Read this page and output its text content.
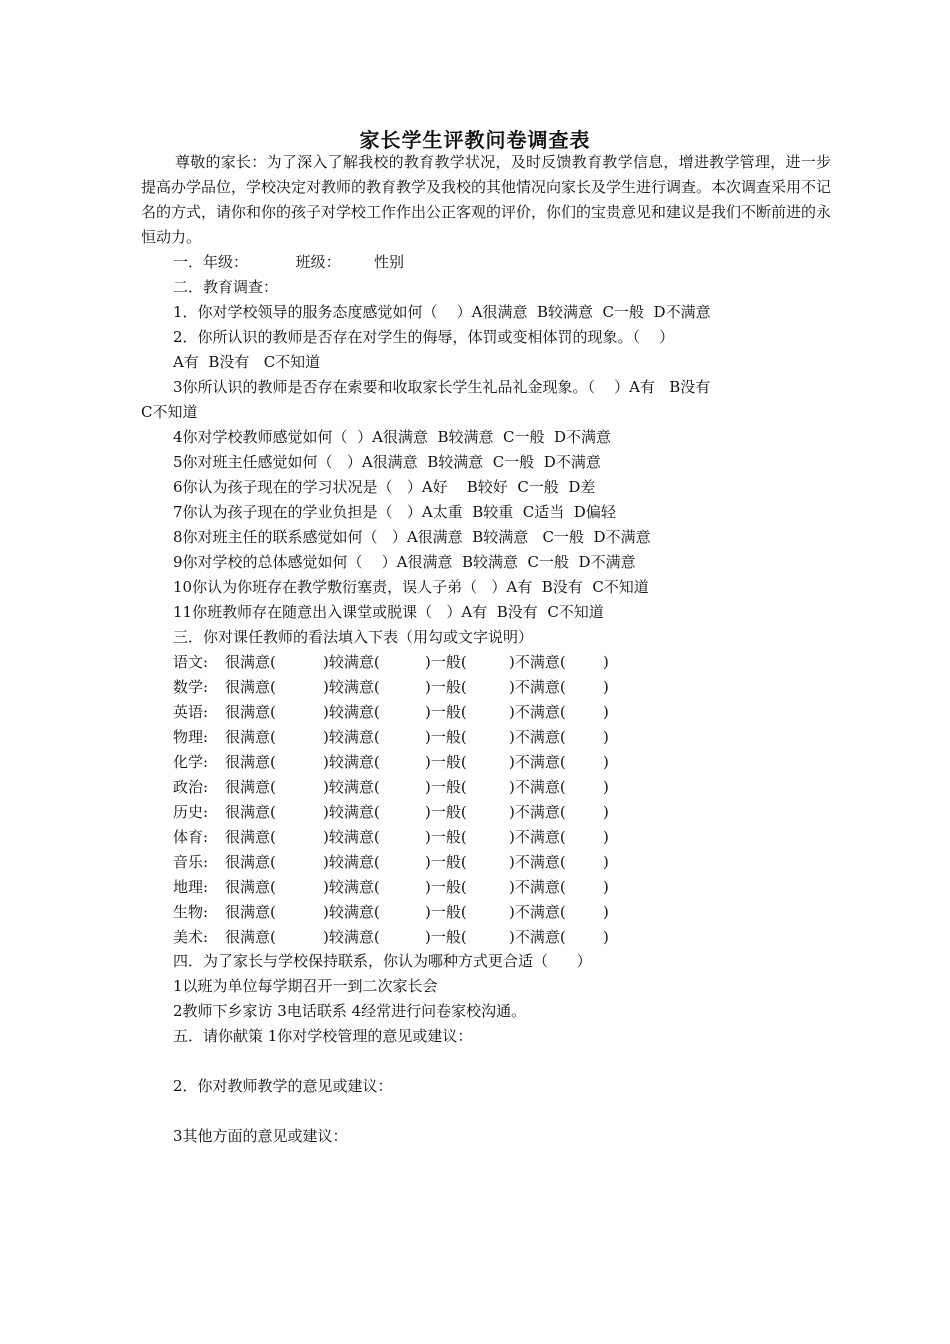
家长学生评教问卷调查表
尊敬的家长：为了深入了解我校的教育教学状况，及时反馈教育教学信息，增进教学管理，进一步提高办学品位，学校决定对教师的教育教学及我校的其他情况向家长及学生进行调查。本次调查采用不记名的方式，请你和你的孩子对学校工作作出公正客观的评价，你们的宝贵意见和建议是我们不断前进的永恒动力。
一．年级：          班级：       性别
二．教育调查：
1．你对学校领导的服务态度感觉如何（    ）A很满意  B较满意  C一般  D不满意
2．你所认识的教师是否存在对学生的侮辱，体罚或变相体罚的现象。（    ）
A有  B没有   C不知道
3你所认识的教师是否存在索要和收取家长学生礼品礼金现象。（    ）A有   B没有
C不知道
4你对学校教师感觉如何（  ）A很满意  B较满意  C一般  D不满意
5你对班主任感觉如何（   ）A很满意  B较满意  C一般  D不满意
6你认为孩子现在的学习状况是（   ）A好    B较好  C一般  D差
7你认为孩子现在的学业负担是（   ）A太重  B较重  C适当  D偏轻
8你对班主任的联系感觉如何（   ）A很满意  B较满意   C一般  D不满意
9你对学校的总体感觉如何（    ）A很满意  B较满意  C一般  D不满意
10你认为你班存在教学敷衍塞责，误人子弟（   ）A有  B没有  C不知道
11你班教师存在随意出入课堂或脱课（   ）A有  B没有  C不知道
三．你对课任教师的看法填入下表（用勾或文字说明）
语文: 很满意(	)较满意(	)一般(	)不满意( )
数学: 很满意(	)较满意(	)一般(	)不满意( )
英语: 很满意(	)较满意(	)一般(	)不满意( )
物理: 很满意(	)较满意(	)一般(	)不满意( )
化学: 很满意(	)较满意(	)一般(	)不满意( )
政治: 很满意(	)较满意(	)一般(	)不满意( )
历史: 很满意(	)较满意(	)一般(	)不满意( )
体育: 很满意(	)较满意(	)一般(	)不满意( )
音乐: 很满意(	)较满意(	)一般(	)不满意( )
地理: 很满意(	)较满意(	)一般(	)不满意( )
生物: 很满意(	)较满意(	)一般(	)不满意( )
美术: 很满意(	)较满意(	)一般(	)不满意( )
四．为了家长与学校保持联系，你认为哪种方式更合适（      ）
1以班为单位每学期召开一到二次家长会
2教师下乡家访 3电话联系 4经常进行问卷家校沟通。
五．请你献策 1你对学校管理的意见或建议：
2．你对教师教学的意见或建议：
3其他方面的意见或建议：
